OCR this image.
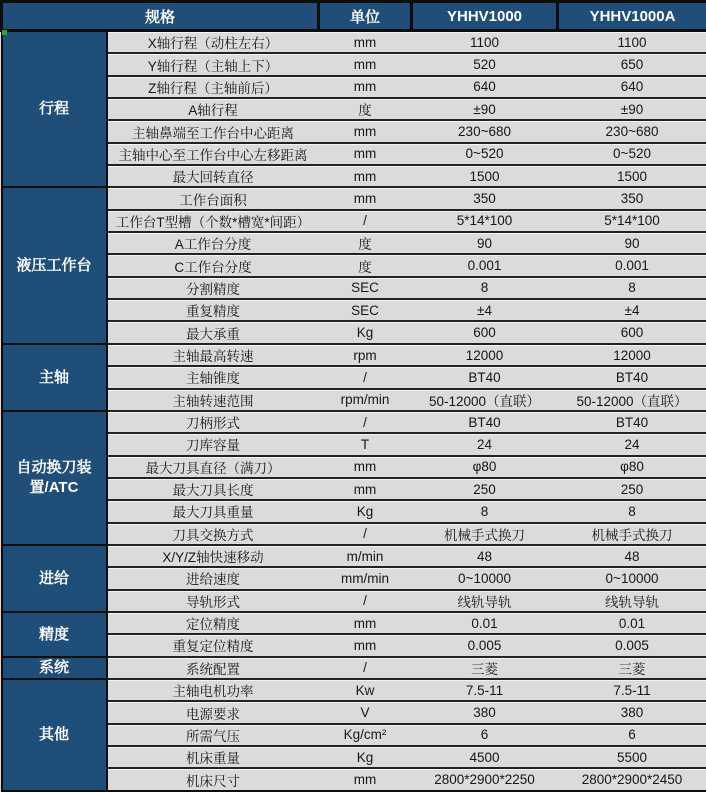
规格		单位	YHHV1000	YHHV1000A
行程	X轴行程（动柱左右）	mm	1100	1100
	Y轴行程（主轴上下）	mm	520	650
	Z轴行程（主轴前后）	mm	640	640
	A轴行程	度	±90	±90
	主轴鼻端至工作台中心距离	mm	230~680	230~680
	主轴中心至工作台中心左移距离	mm	0~520	0~520
	最大回转直径	mm	1500	1500
液压工作台	工作台面积	mm	350	350
	工作台T型槽（个数*槽宽*间距）	/	5*14*100	5*14*100
	A工作台分度	度	90	90
	C工作台分度	度	0.001	0.001
	分割精度	SEC	8	8
	重复精度	SEC	±4	±4
	最大承重	Kg	600	600
主轴	主轴最高转速	rpm	12000	12000
	主轴锥度	/	BT40	BT40
	主轴转速范围	rpm/min	50-12000（直联）	50-12000（直联）
自动换刀装置/ATC	刀柄形式	/	BT40	BT40
	刀库容量	T	24	24
	最大刀具直径（满刀）	mm	φ80	φ80
	最大刀具长度	mm	250	250
	最大刀具重量	Kg	8	8
	刀具交换方式	/	机械手式换刀	机械手式换刀
进给	X/Y/Z轴快速移动	m/min	48	48
	进给速度	mm/min	0~10000	0~10000
	导轨形式	/	线轨导轨	线轨导轨
精度	定位精度	mm	0.01	0.01
	重复定位精度	mm	0.005	0.005
系统	系统配置	/	三菱	三菱
其他	主轴电机功率	Kw	7.5-11	7.5-11
	电源要求	V	380	380
	所需气压	Kg/cm²	6	6
	机床重量	Kg	4500	5500
	机床尺寸	mm	2800*2900*2250	2800*2900*2450
